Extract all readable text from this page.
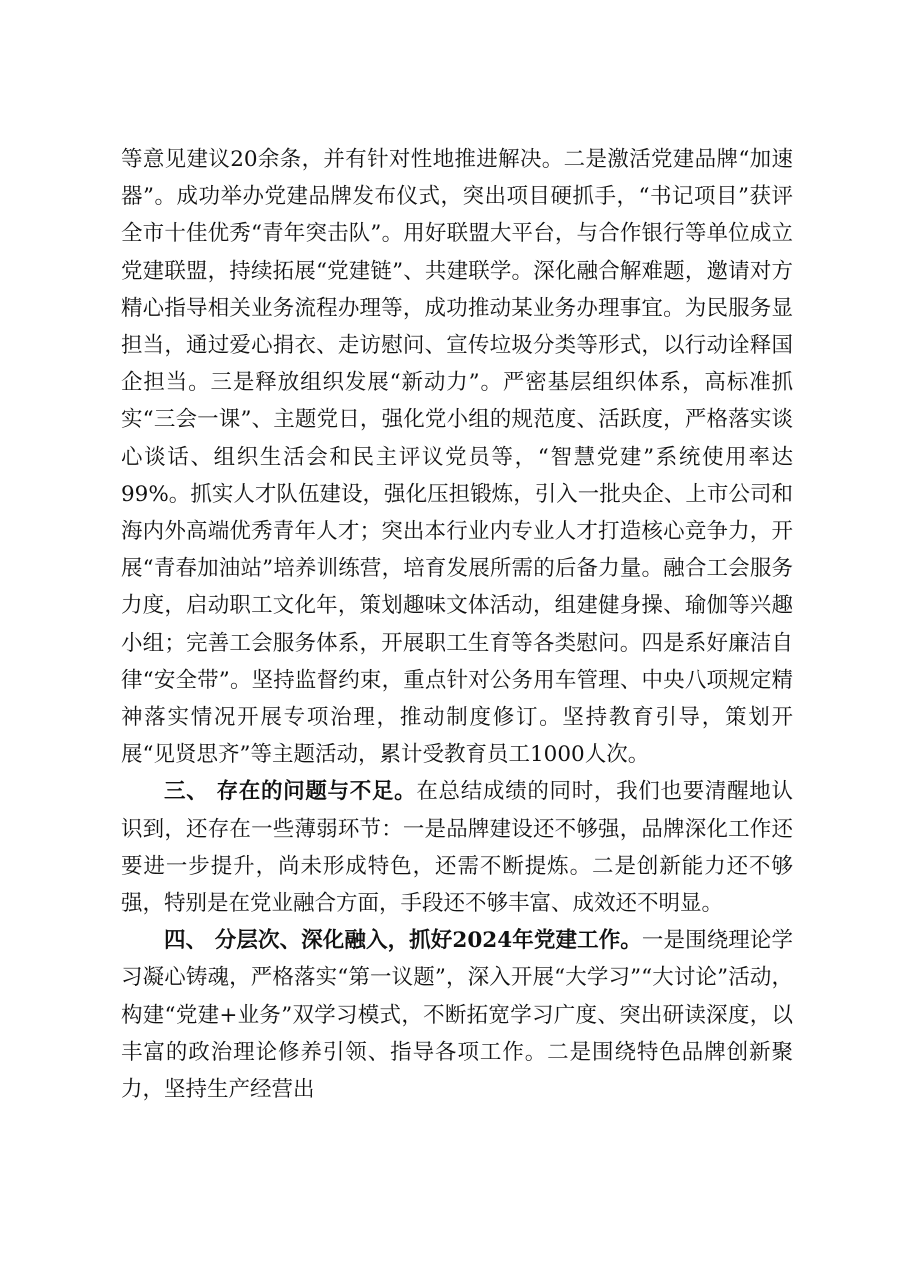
等意见建议20余条，并有针对性地推进解决。二是激活党建品牌“加速器”。成功举办党建品牌发布仪式，突出项目硬抓手，“书记项目”获评全市十佳优秀“青年突击队”。用好联盟大平台，与合作银行等单位成立党建联盟，持续拓展“党建链”、共建联学。深化融合解难题，邀请对方精心指导相关业务流程办理等，成功推动某业务办理事宜。为民服务显担当，通过爱心捐衣、走访慰问、宣传垃圾分类等形式，以行动诠释国企担当。三是释放组织发展“新动力”。严密基层组织体系，高标准抓实“三会一课”、主题党日，强化党小组的规范度、活跃度，严格落实谈心谈话、组织生活会和民主评议党员等，“智慧党建”系统使用率达99%。抓实人才队伍建设，强化压担锻炼，引入一批央企、上市公司和海内外高端优秀青年人才；突出本行业内专业人才打造核心竞争力，开展“青春加油站”培养训练营，培育发展所需的后备力量。融合工会服务力度，启动职工文化年，策划趣味文体活动，组建健身操、瑜伽等兴趣小组；完善工会服务体系，开展职工生育等各类慰问。四是系好廉洁自律“安全带”。坚持监督约束，重点针对公务用车管理、中央八项规定精神落实情况开展专项治理，推动制度修订。坚持教育引导，策划开展“见贤思齐”等主题活动，累计受教育员工1000人次。

三、 存在的问题与不足。在总结成绩的同时，我们也要清醒地认识到，还存在一些薄弱环节：一是品牌建设还不够强，品牌深化工作还要进一步提升，尚未形成特色，还需不断提炼。二是创新能力还不够强，特别是在党业融合方面，手段还不够丰富、成效还不明显。

四、 分层次、深化融入，抓好2024年党建工作。一是围绕理论学习凝心铸魂，严格落实“第一议题”，深入开展“大学习”“大讨论”活动，构建“党建+业务”双学习模式，不断拓宽学习广度、突出研读深度，以丰富的政治理论修养引领、指导各项工作。二是围绕特色品牌创新聚力，坚持生产经营出
